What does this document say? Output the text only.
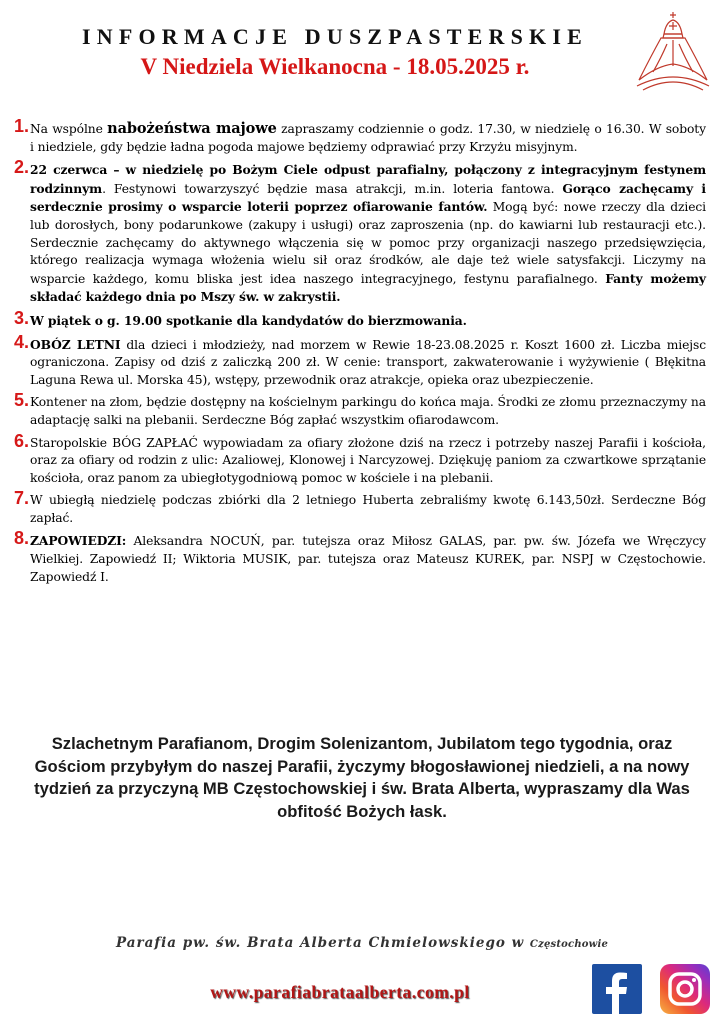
INFORMACJE DUSZPASTERSKIE
V Niedziela Wielkanocna - 18.05.2025 r.
1. Na wspólne nabożeństwa majowe zapraszamy codziennie o godz. 17.30, w niedzielę o 16.30. W soboty i niedziele, gdy będzie ładna pogoda majowe będziemy odprawiać przy Krzyżu misyjnym.
2. 22 czerwca – w niedzielę po Bożym Ciele odpust parafialny, połączony z integracyjnym festynem rodzinnym. Festynowi towarzyszyć będzie masa atrakcji, m.in. loteria fantowa. Gorąco zachęcamy i serdecznie prosimy o wsparcie loterii poprzez ofiarowanie fantów. Mogą być: nowe rzeczy dla dzieci lub dorosłych, bony podarunkowe (zakupy i usługi) oraz zaproszenia (np. do kawiarni lub restauracji etc.). Serdecznie zachęcamy do aktywnego włączenia się w pomoc przy organizacji naszego przedsięwzięcia, którego realizacja wymaga włożenia wielu sił oraz środków, ale daje też wiele satysfakcji. Liczymy na wsparcie każdego, komu bliska jest idea naszego integracyjnego, festynu parafialnego. Fanty możemy składać każdego dnia po Mszy św. w zakrystii.
3. W piątek o g. 19.00 spotkanie dla kandydatów do bierzmowania.
4. OBÓZ LETNI dla dzieci i młodzieży, nad morzem w Rewie 18-23.08.2025 r. Koszt 1600 zł. Liczba miejsc ograniczona. Zapisy od dziś z zaliczką 200 zł. W cenie: transport, zakwaterowanie i wyżywienie ( Błękitna Laguna Rewa ul. Morska 45), wstępy, przewodnik oraz atrakcje, opieka oraz ubezpieczenie.
5. Kontener na złom, będzie dostępny na kościelnym parkingu do końca maja. Środki ze złomu przeznaczymy na adaptację salki na plebanii. Serdeczne Bóg zapłać wszystkim ofiarodawcom.
6. Staropolskie BÓG ZAPŁAĆ wypowiadam za ofiary złożone dziś na rzecz i potrzeby naszej Parafii i kościoła, oraz za ofiary od rodzin z ulic: Azaliowej, Klonowej i Narcyzowej. Dziękuję paniom za czwartkowe sprzątanie kościoła, oraz panom za ubiegłotygodniową pomoc w kościele i na plebanii.
7. W ubiegłą niedzielę podczas zbiórki dla 2 letniego Huberta zebraliśmy kwotę 6.143,50zł. Serdeczne Bóg zapłać.
8. ZAPOWIEDZI: Aleksandra NOCUŃ, par. tutejsza oraz Miłosz GALAS, par. pw. św. Józefa we Wręczycy Wielkiej. Zapowiedź II; Wiktoria MUSIK, par. tutejsza oraz Mateusz KUREK, par. NSPJ w Częstochowie. Zapowiedź I.
Szlachetnym Parafianom, Drogim Solenizantom, Jubilatom tego tygodnia, oraz Gościom przybyłym do naszej Parafii, życzymy błogosławionej niedzieli, a na nowy tydzień za przyczyną MB Częstochowskiej i św. Brata Alberta, wypraszamy dla Was obfitość Bożych łask.
Parafia pw. św. Brata Alberta Chmielowskiego w Częstochowie
www.parafiabrataalberta.com.pl
